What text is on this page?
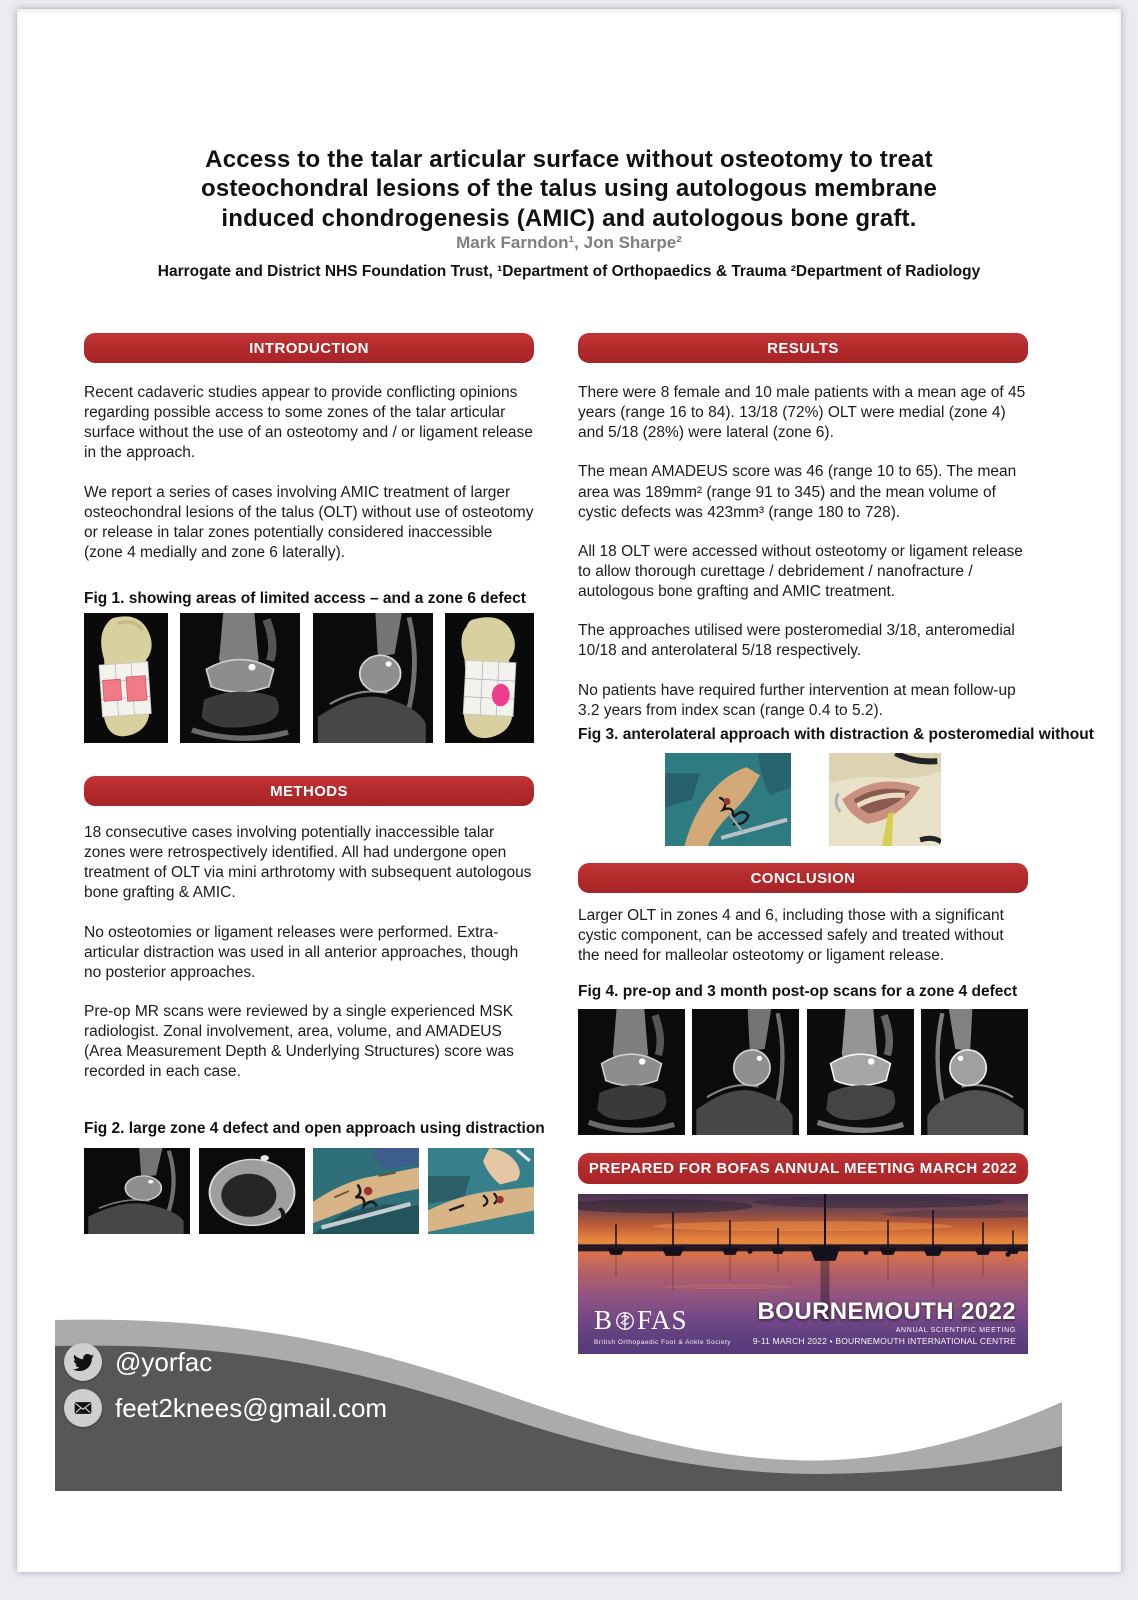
Access to the talar articular surface without osteotomy to treat osteochondral lesions of the talus using autologous membrane induced chondrogenesis (AMIC) and autologous bone graft.
Mark Farndon¹, Jon Sharpe²
Harrogate and District NHS Foundation Trust, ¹Department of Orthopaedics & Trauma ²Department of Radiology
INTRODUCTION

Recent cadaveric studies appear to provide conflicting opinions regarding possible access to some zones of the talar articular surface without the use of an osteotomy and / or ligament release in the approach.

We report a series of cases involving AMIC treatment of larger osteochondral lesions of the talus (OLT) without use of osteotomy or release in talar zones potentially considered inaccessible (zone 4 medially and zone 6 laterally).

Fig 1. showing areas of limited access – and a zone 6 defect
METHODS

18 consecutive cases involving potentially inaccessible talar zones were retrospectively identified. All had undergone open treatment of OLT via mini arthrotomy with subsequent autologous bone grafting & AMIC.

No osteotomies or ligament releases were performed. Extra-articular distraction was used in all anterior approaches, though no posterior approaches.

Pre-op MR scans were reviewed by a single experienced MSK radiologist. Zonal involvement, area, volume, and AMADEUS (Area Measurement Depth & Underlying Structures) score was recorded in each case.

Fig 2. large zone 4 defect and open approach using distraction
RESULTS

There were 8 female and 10 male patients with a mean age of 45 years (range 16 to 84). 13/18 (72%) OLT were medial (zone 4) and 5/18 (28%) were lateral (zone 6).

The mean AMADEUS score was 46 (range 10 to 65). The mean area was 189mm² (range 91 to 345) and the mean volume of cystic defects was 423mm³ (range 180 to 728).

All 18 OLT were accessed without osteotomy or ligament release to allow thorough curettage / debridement / nanofracture / autologous bone grafting and AMIC treatment.

The approaches utilised were posteromedial 3/18, anteromedial 10/18 and anterolateral 5/18 respectively.

No patients have required further intervention at mean follow-up 3.2 years from index scan (range 0.4 to 5.2).

Fig 3. anterolateral approach with distraction & posteromedial without
CONCLUSION

Larger OLT in zones 4 and 6, including those with a significant cystic component, can be accessed safely and treated without the need for malleolar osteotomy or ligament release.

Fig 4. pre-op and 3 month post-op scans for a zone 4 defect
PREPARED FOR BOFAS ANNUAL MEETING MARCH 2022
B FAS
British Orthopaedic Foot & Ankle Society
BOURNEMOUTH 2022
ANNUAL SCIENTIFIC MEETING
9-11 MARCH 2022 • BOURNEMOUTH INTERNATIONAL CENTRE
@yorfac
feet2knees@gmail.com
